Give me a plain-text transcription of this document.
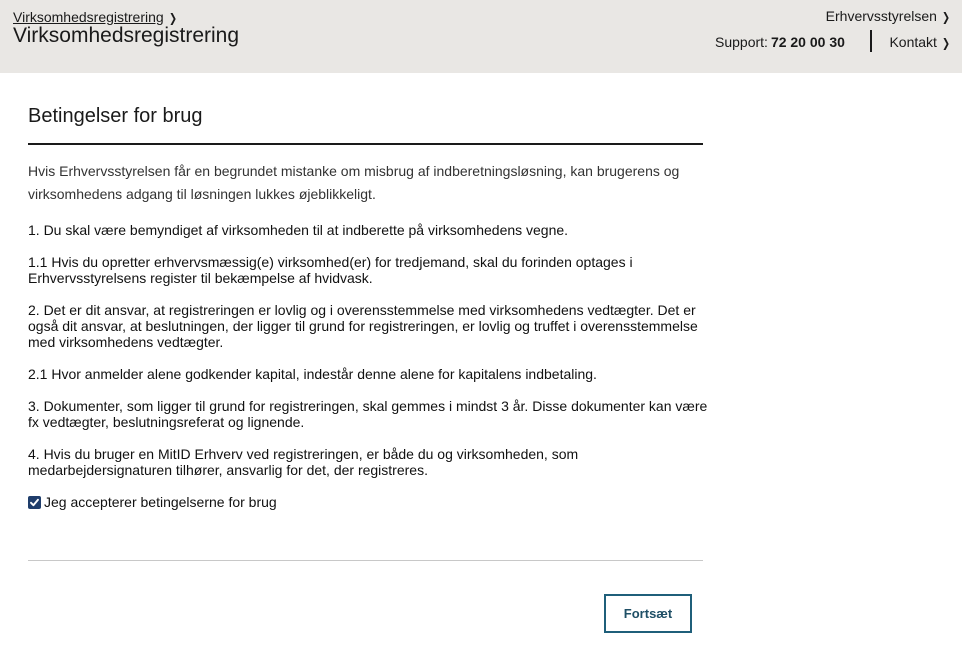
Virksomhedsregistrering ❯
Virksomhedsregistrering
Erhvervsstyrelsen ❯
Support: 72 20 00 30	Kontakt ❯
Betingelser for brug
Hvis Erhvervsstyrelsen får en begrundet mistanke om misbrug af indberetningsløsning, kan brugerens og virksomhedens adgang til løsningen lukkes øjeblikkeligt.
1. Du skal være bemyndiget af virksomheden til at indberette på virksomhedens vegne.
1.1 Hvis du opretter erhvervsmæssig(e) virksomhed(er) for tredjemand, skal du forinden optages i Erhvervsstyrelsens register til bekæmpelse af hvidvask.
2. Det er dit ansvar, at registreringen er lovlig og i overensstemmelse med virksomhedens vedtægter. Det er også dit ansvar, at beslutningen, der ligger til grund for registreringen, er lovlig og truffet i overensstemmelse med virksomhedens vedtægter.
2.1 Hvor anmelder alene godkender kapital, indestår denne alene for kapitalens indbetaling.
3. Dokumenter, som ligger til grund for registreringen, skal gemmes i mindst 3 år. Disse dokumenter kan være fx vedtægter, beslutningsreferat og lignende.
4. Hvis du bruger en MitID Erhverv ved registreringen, er både du og virksomheden, som medarbejdersignaturen tilhører, ansvarlig for det, der registreres.
Jeg accepterer betingelserne for brug
Fortsæt
